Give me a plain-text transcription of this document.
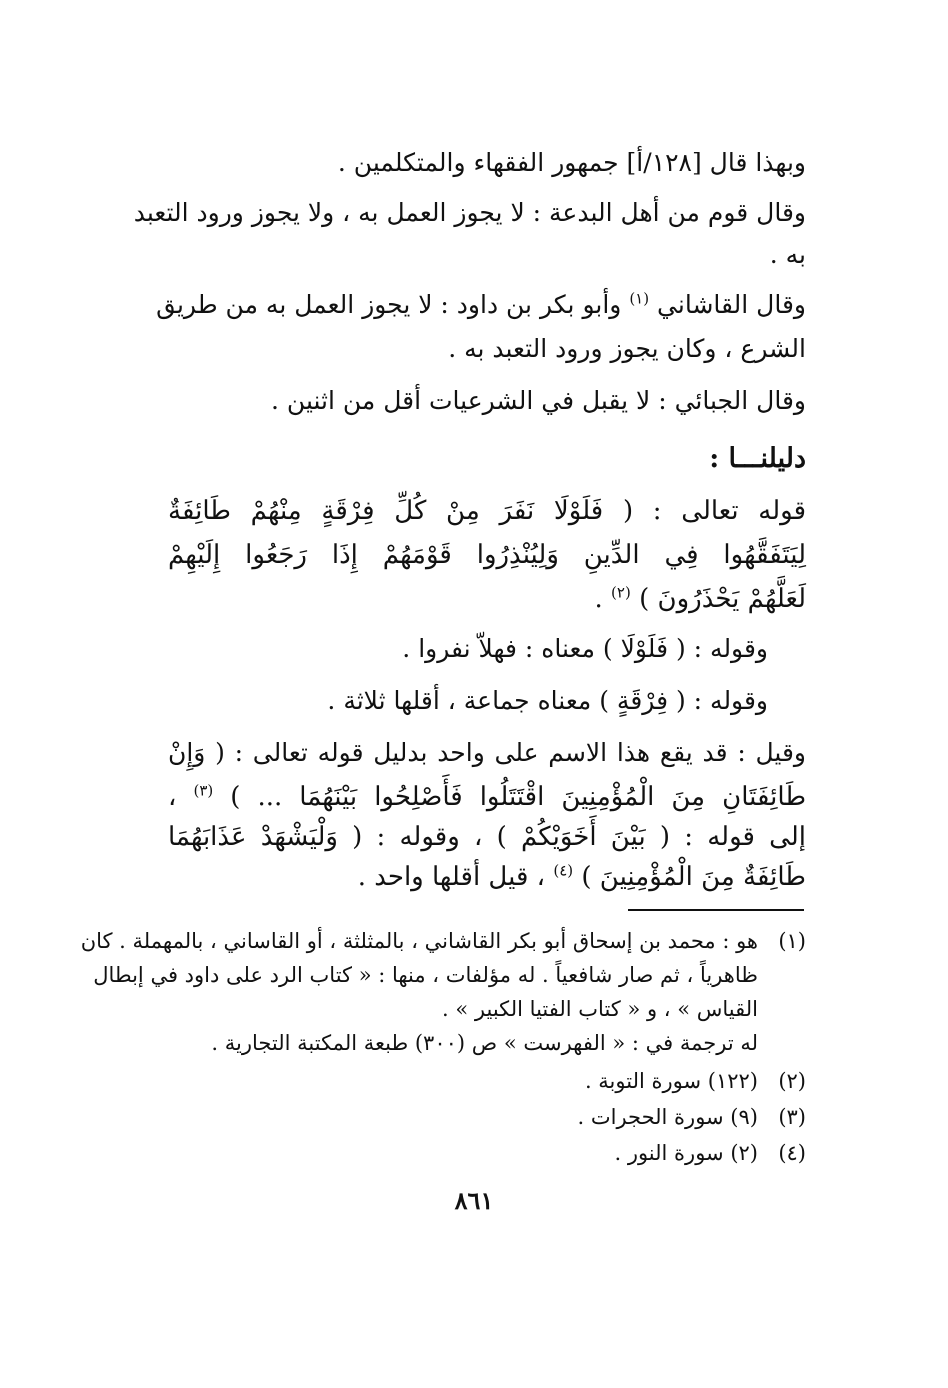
وبهذا قال [١٢٨/أ] جمهور الفقهاء والمتكلمين .
وقال قوم من أهل البدعة : لا يجوز العمل به ، ولا يجوز ورود التعبد
به .
وقال القاشاني $^{(١)}$ وأبو بكر بن داود : لا يجوز العمل به من طريق
الشرع ، وكان يجوز ورود التعبد به .
وقال الجبائي : لا يقبل في الشرعيات أقل من اثنين .
دليلنـــا :
قوله تعالى : ( فَلَوْلَا نَفَرَ مِنْ كُلِّ فِرْقَةٍ مِنْهُمْ طَائِفَةٌ
لِيَتَفَقَّهُوا فِي الدِّينِ وَلِيُنْذِرُوا قَوْمَهُمْ إِذَا رَجَعُوا إِلَيْهِمْ
لَعَلَّهُمْ يَحْذَرُونَ ) $^{(٢)}$ .
وقوله : ( فَلَوْلَا ) معناه : فهلاّ نفروا .
وقوله : ( فِرْقَةٍ ) معناه جماعة ، أقلها ثلاثة .
وقيل : قد يقع هذا الاسم على واحد بدليل قوله تعالى : ( وَإِنْ
طَائِفَتَانِ مِنَ الْمُؤْمِنِينَ اقْتَتَلُوا فَأَصْلِحُوا بَيْنَهُمَا ... ) $^{(٣)}$ ،
إلى قوله : ( بَيْنَ أَخَوَيْكُمْ ) ، وقوله : ( وَلْيَشْهَدْ عَذَابَهُمَا
طَائِفَةٌ مِنَ الْمُؤْمِنِينَ ) $^{(٤)}$ ، قيل أقلها واحد .
(١)
هو : محمد بن إسحاق أبو بكر القاشاني ، بالمثلثة ، أو القاساني ، بالمهملة . كان
ظاهرياً ، ثم صار شافعياً . له مؤلفات ، منها : « كتاب الرد على داود في إبطال
القياس » ، و « كتاب الفتيا الكبير » .
له ترجمة في : « الفهرست » ص (٣٠٠) طبعة المكتبة التجارية .
(٢)
(١٢٢) سورة التوبة .
(٣)
(٩) سورة الحجرات .
(٤)
(٢) سورة النور .
٨٦١
